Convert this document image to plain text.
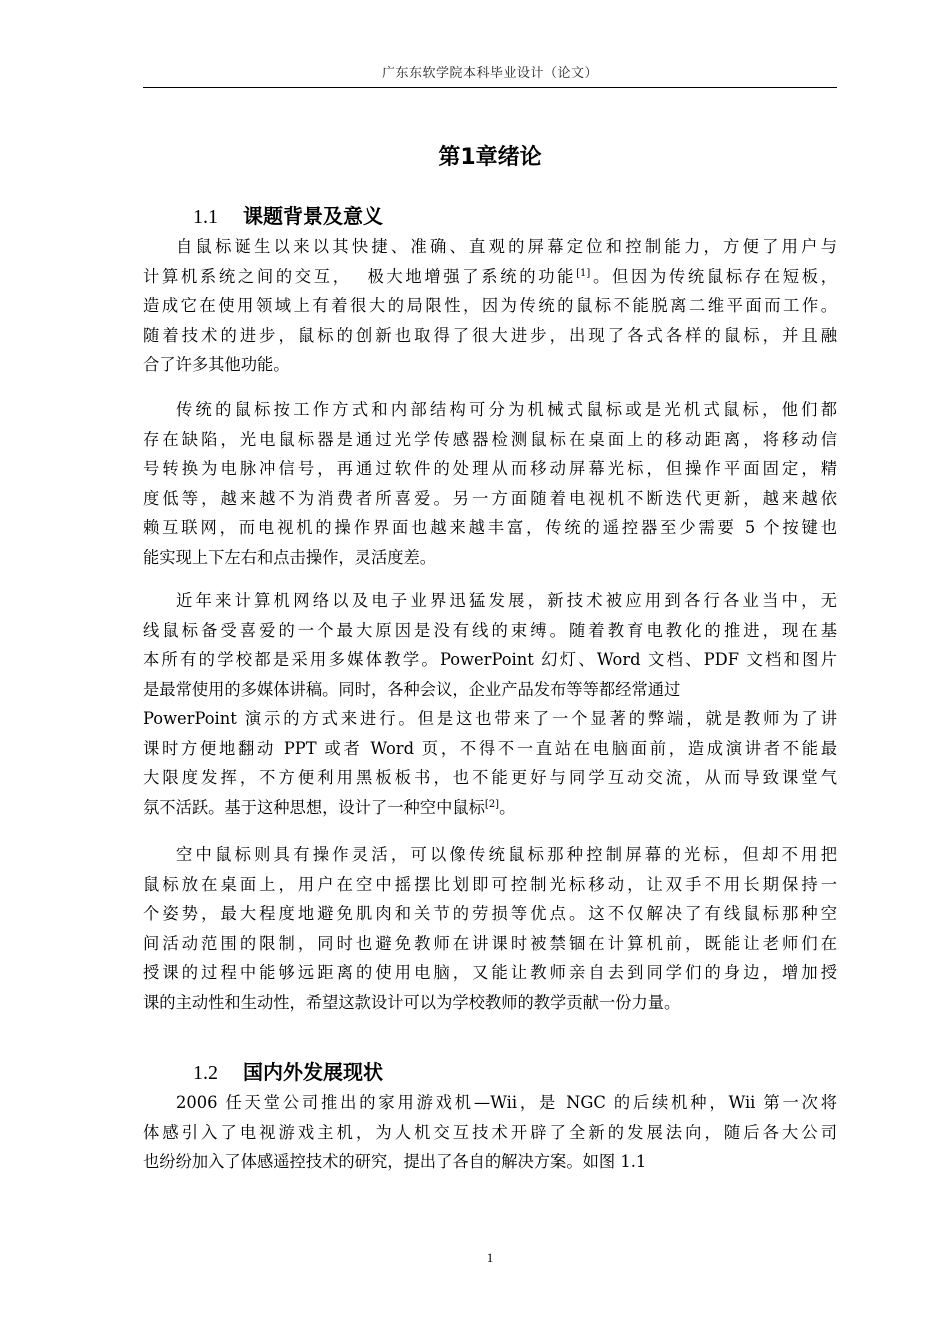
广东东软学院本科毕业设计（论文）
第1章绪论
1.1 课题背景及意义
自鼠标诞生以来以其快捷、准确、直观的屏幕定位和控制能力，方便了用户与
计算机系统之间的交互，  极大地增强了系统的功能[1]。但因为传统鼠标存在短板，
造成它在使用领域上有着很大的局限性，因为传统的鼠标不能脱离二维平面而工作。
随着技术的进步，鼠标的创新也取得了很大进步，出现了各式各样的鼠标，并且融
合了许多其他功能。
传统的鼠标按工作方式和内部结构可分为机械式鼠标或是光机式鼠标，他们都
存在缺陷，光电鼠标器是通过光学传感器检测鼠标在桌面上的移动距离，将移动信
号转换为电脉冲信号，再通过软件的处理从而移动屏幕光标，但操作平面固定，精
度低等，越来越不为消费者所喜爱。另一方面随着电视机不断迭代更新，越来越依
赖互联网，而电视机的操作界面也越来越丰富，传统的遥控器至少需要 5 个按键也
能实现上下左右和点击操作，灵活度差。
近年来计算机网络以及电子业界迅猛发展，新技术被应用到各行各业当中，无
线鼠标备受喜爱的一个最大原因是没有线的束缚。随着教育电教化的推进，现在基
本所有的学校都是采用多媒体教学。PowerPoint 幻灯、Word 文档、PDF 文档和图片
是最常使用的多媒体讲稿。同时，各种会议，企业产品发布等等都经常通过
PowerPoint 演示的方式来进行。但是这也带来了一个显著的弊端，就是教师为了讲
课时方便地翻动 PPT 或者 Word 页，不得不一直站在电脑面前，造成演讲者不能最
大限度发挥，不方便利用黑板板书，也不能更好与同学互动交流，从而导致课堂气
氛不活跃。基于这种思想，设计了一种空中鼠标[2]。
空中鼠标则具有操作灵活，可以像传统鼠标那种控制屏幕的光标，但却不用把
鼠标放在桌面上，用户在空中摇摆比划即可控制光标移动，让双手不用长期保持一
个姿势，最大程度地避免肌肉和关节的劳损等优点。这不仅解决了有线鼠标那种空
间活动范围的限制，同时也避免教师在讲课时被禁锢在计算机前，既能让老师们在
授课的过程中能够远距离的使用电脑，又能让教师亲自去到同学们的身边，增加授
课的主动性和生动性，希望这款设计可以为学校教师的教学贡献一份力量。
1.2 国内外发展现状
2006 任天堂公司推出的家用游戏机—Wii，是 NGC 的后续机种，Wii 第一次将
体感引入了电视游戏主机，为人机交互技术开辟了全新的发展法向，随后各大公司
也纷纷加入了体感遥控技术的研究，提出了各自的解决方案。如图 1.1
1
